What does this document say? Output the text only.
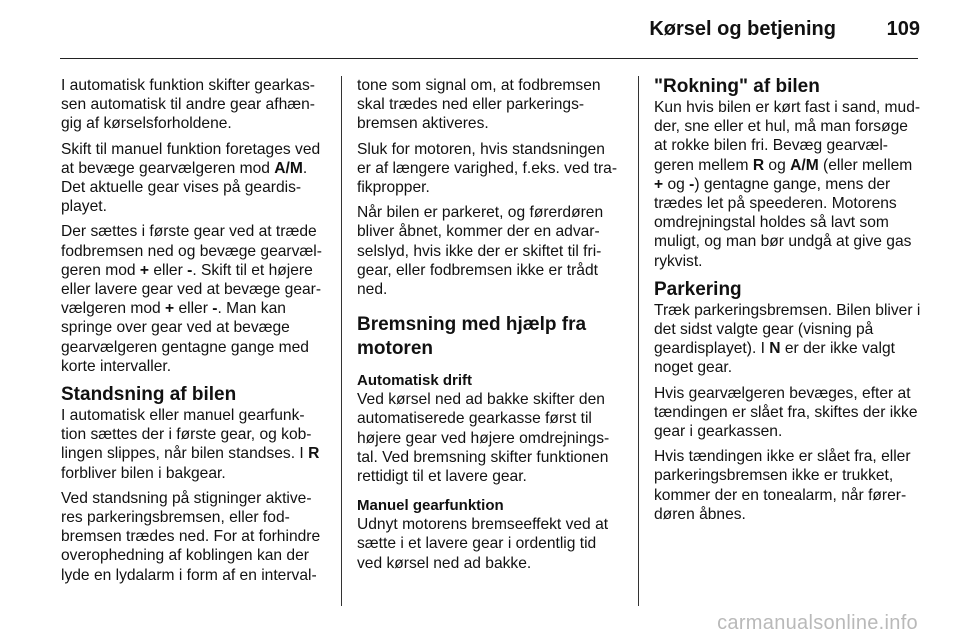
Kørsel og betjening	109

I automatisk funktion skifter gearkas-sen automatisk til andre gear afhæn-gig af kørselsforholdene.

Skift til manuel funktion foretages ved at bevæge gearvælgeren mod A/M. Det aktuelle gear vises på geardis-playet.

Der sættes i første gear ved at træde fodbremsen ned og bevæge gearvæl-geren mod + eller -. Skift til et højere eller lavere gear ved at bevæge gear-vælgeren mod + eller -. Man kan springe over gear ved at bevæge gearvælgeren gentagne gange med korte intervaller.

Standsning af bilen

I automatisk eller manuel gearfunk-tion sættes der i første gear, og kob-lingen slippes, når bilen standses. I R forbliver bilen i bakgear.

Ved standsning på stigninger aktive-res parkeringsbremsen, eller fod-bremsen trædes ned. For at forhindre overophedning af koblingen kan der lyde en lydalarm i form af en interval-

tone som signal om, at fodbremsen skal trædes ned eller parkerings-bremsen aktiveres.

Sluk for motoren, hvis standsningen er af længere varighed, f.eks. ved tra-fikpropper.

Når bilen er parkeret, og førerdøren bliver åbnet, kommer der en advar-selslyd, hvis ikke der er skiftet til fri-gear, eller fodbremsen ikke er trådt ned.

Bremsning med hjælp fra motoren
Automatisk drift

Ved kørsel ned ad bakke skifter den automatiserede gearkasse først til højere gear ved højere omdrejnings-tal. Ved bremsning skifter funktionen rettidigt til et lavere gear.

Manuel gearfunktion

Udnyt motorens bremseeffekt ved at sætte i et lavere gear i ordentlig tid ved kørsel ned ad bakke.

"Rokning" af bilen

Kun hvis bilen er kørt fast i sand, mud-der, sne eller et hul, må man forsøge at rokke bilen fri. Bevæg gearvæl-geren mellem R og A/M (eller mellem + og -) gentagne gange, mens der trædes let på speederen. Motorens omdrejningstal holdes så lavt som muligt, og man bør undgå at give gas rykvist.

Parkering

Træk parkeringsbremsen. Bilen bliver i det sidst valgte gear (visning på geardisplayet). I N er der ikke valgt noget gear.

Hvis gearvælgeren bevæges, efter at tændingen er slået fra, skiftes der ikke gear i gearkassen.

Hvis tændingen ikke er slået fra, eller parkeringsbremsen ikke er trukket, kommer der en tonealarm, når fører-døren åbnes.

carmanualsonline.info
